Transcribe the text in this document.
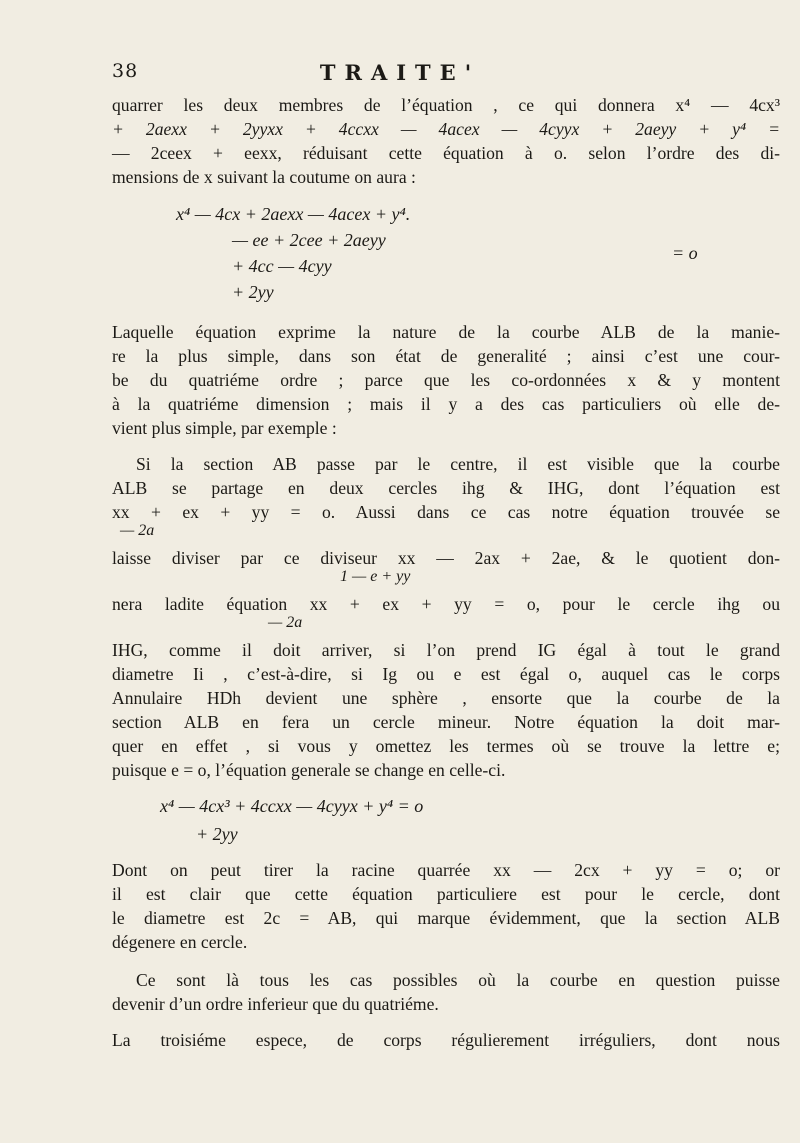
38	TRAITE'
quarrer les deux membres de l’équation , ce qui donnera x⁴ — 4cx³
+ 2aexx + 2yyxx + 4ccxx — 4acex — 4cyyx + 2aeyy + y⁴ =
— 2ceex + eexx, réduisant cette équation à o. selon l’ordre des di-
mensions de x suivant la coutume on aura :
x⁴ — 4cx + 2aexx — 4acex + y⁴.
— ee + 2cee + 2aeyy
+ 4cc — 4cyy
+ 2yy
= o
Laquelle équation exprime la nature de la courbe ALB de la manie-
re la plus simple, dans son état de generalité ; ainsi c’est une cour-
be du quatriéme ordre ; parce que les co-ordonnées x & y montent
à la quatriéme dimension ; mais il y a des cas particuliers où elle de-
vient plus simple, par exemple :
Si la section AB passe par le centre, il est visible que la courbe
ALB se partage en deux cercles ihg & IHG, dont l’équation est
xx + ex + yy = o. Aussi dans ce cas notre équation trouvée se
— 2a
laisse diviser par ce diviseur xx — 2ax + 2ae, & le quotient don-
1 — e + yy
nera ladite équation xx + ex + yy = o, pour le cercle ihg ou
— 2a
IHG, comme il doit arriver, si l’on prend IG égal à tout le grand
diametre Ii , c’est-à-dire, si Ig ou e est égal o, auquel cas le corps
Annulaire HDh devient une sphère , ensorte que la courbe de la
section ALB en fera un cercle mineur. Notre équation la doit mar-
quer en effet , si vous y omettez les termes où se trouve la lettre e;
puisque e = o, l’équation generale se change en celle-ci.
x⁴ — 4cx³ + 4ccxx — 4cyyx + y⁴ = o
+ 2yy
Dont on peut tirer la racine quarrée xx — 2cx + yy = o; or
il est clair que cette équation particuliere est pour le cercle, dont
le diametre est 2c = AB, qui marque évidemment, que la section ALB
dégenere en cercle.
Ce sont là tous les cas possibles où la courbe en question puisse
devenir d’un ordre inferieur que du quatriéme.
La troisiéme espece, de corps régulierement irréguliers, dont nous
